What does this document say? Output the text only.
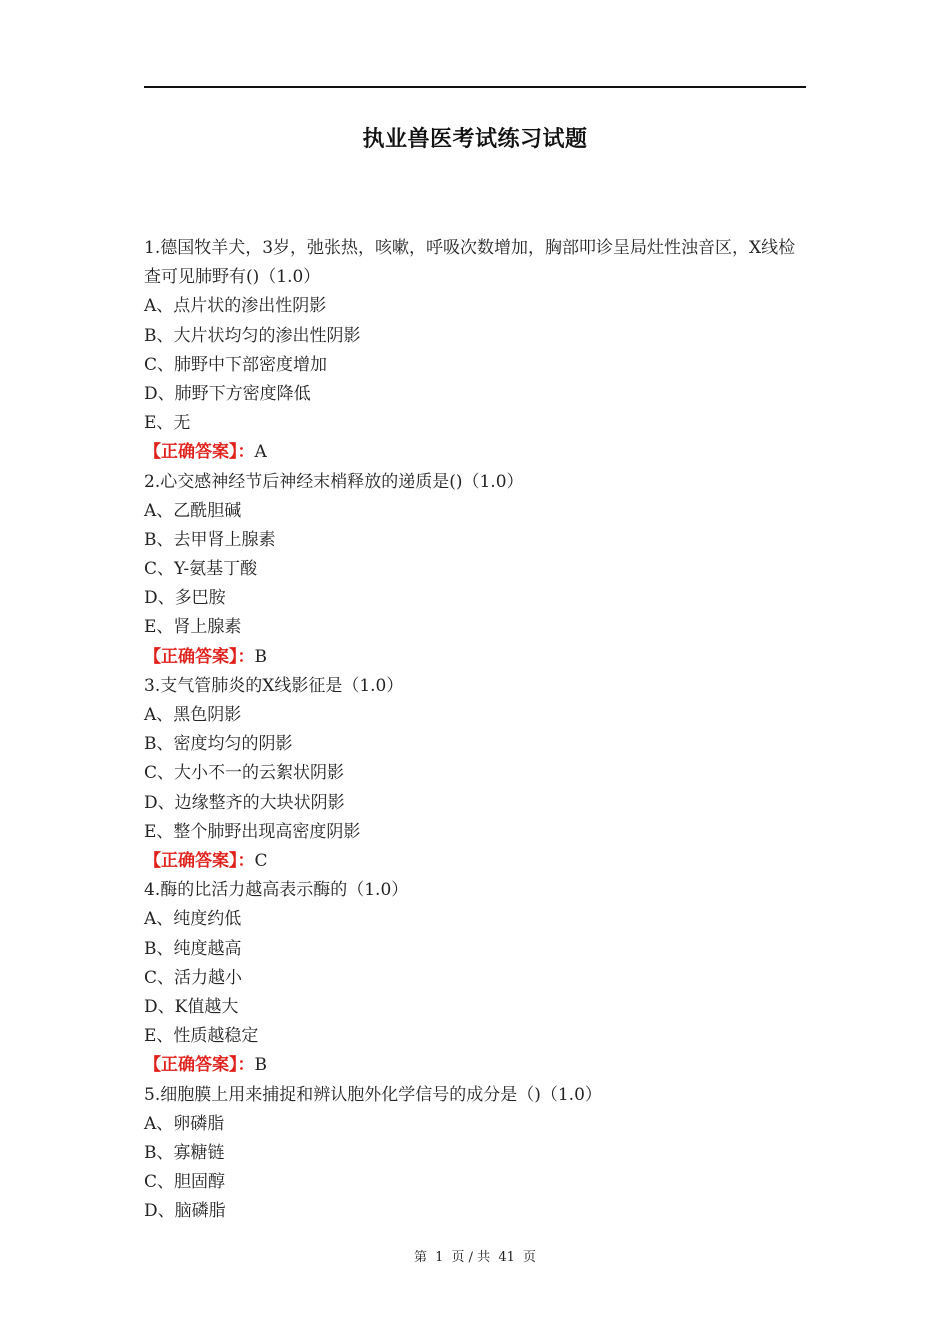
执业兽医考试练习试题
1.德国牧羊犬，3岁，弛张热，咳嗽，呼吸次数增加，胸部叩诊呈局灶性浊音区，X线检查可见肺野有()（1.0）
A、点片状的渗出性阴影
B、大片状均匀的渗出性阴影
C、肺野中下部密度增加
D、肺野下方密度降低
E、无
【正确答案】：A
2.心交感神经节后神经末梢释放的递质是()（1.0）
A、乙酰胆碱
B、去甲肾上腺素
C、Y-氨基丁酸
D、多巴胺
E、肾上腺素
【正确答案】：B
3.支气管肺炎的X线影征是（1.0）
A、黑色阴影
B、密度均匀的阴影
C、大小不一的云絮状阴影
D、边缘整齐的大块状阴影
E、整个肺野出现高密度阴影
【正确答案】：C
4.酶的比活力越高表示酶的（1.0）
A、纯度约低
B、纯度越高
C、活力越小
D、K值越大
E、性质越稳定
【正确答案】：B
5.细胞膜上用来捕捉和辨认胞外化学信号的成分是（)（1.0）
A、卵磷脂
B、寡糖链
C、胆固醇
D、脑磷脂
第 1 页 / 共 41 页
